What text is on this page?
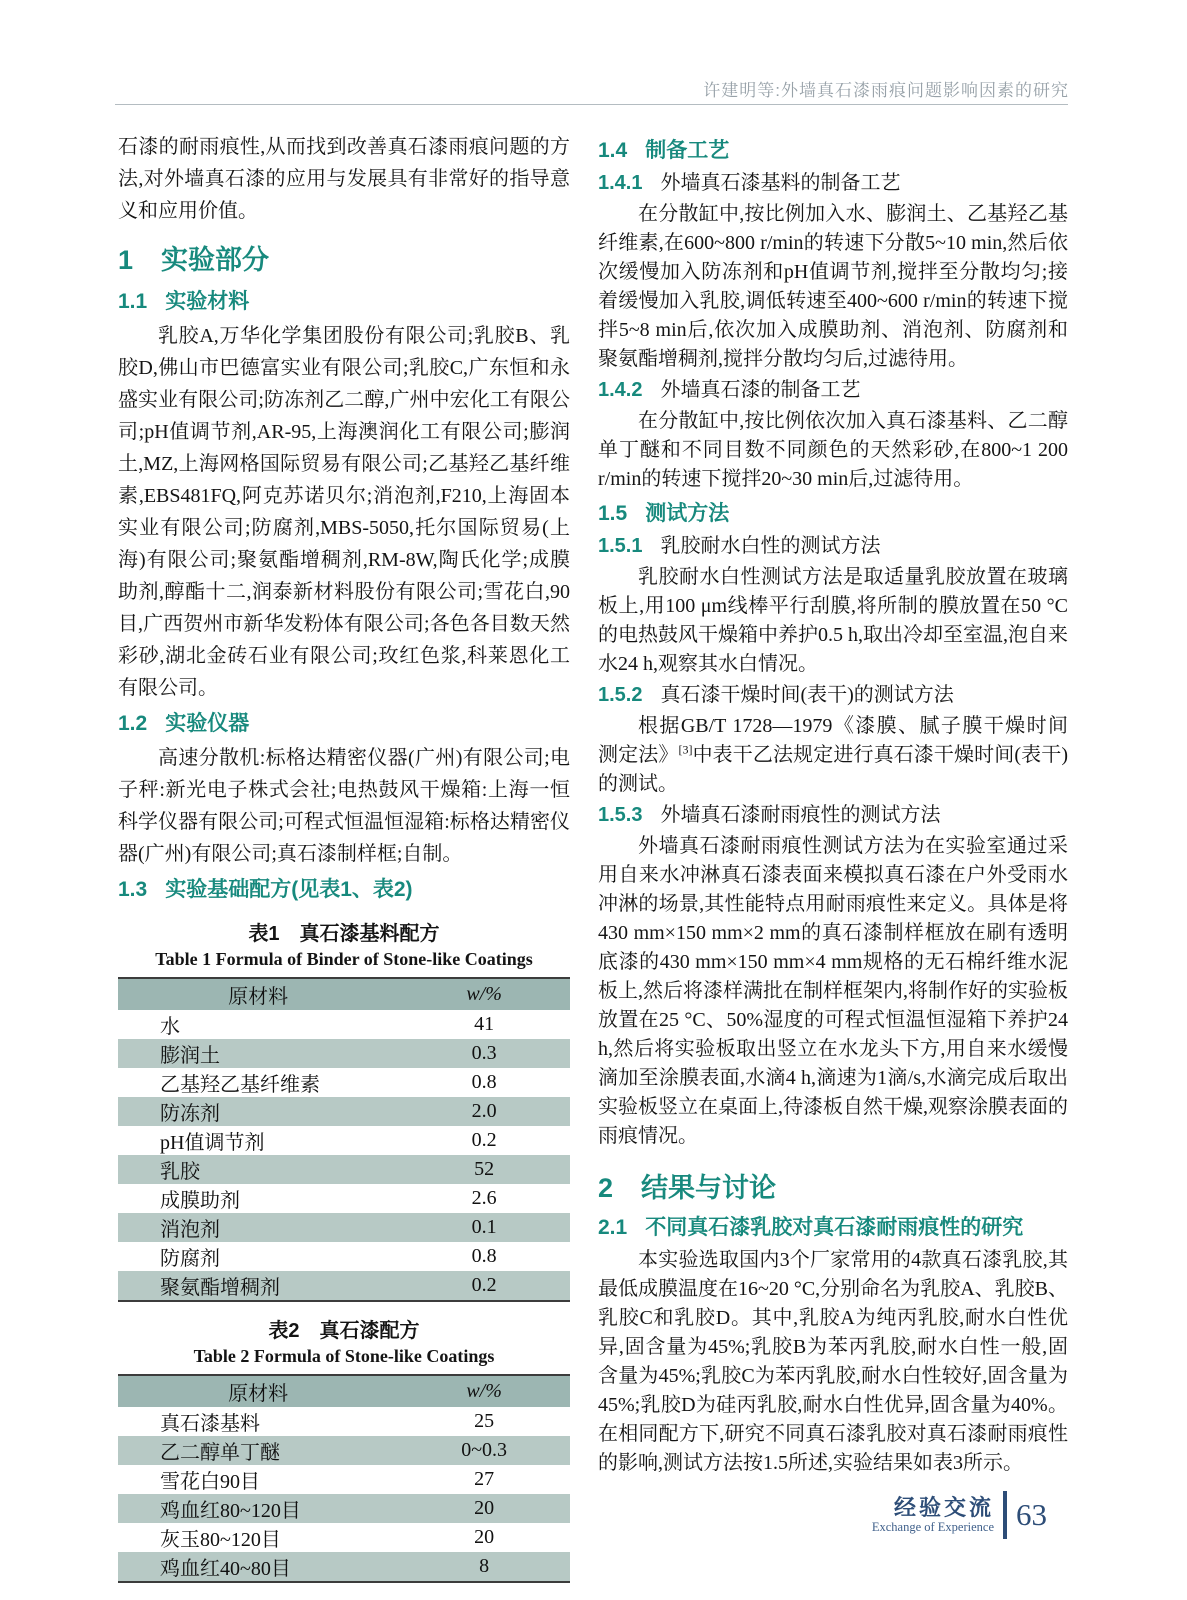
许建明等:外墙真石漆雨痕问题影响因素的研究

石漆的耐雨痕性,从而找到改善真石漆雨痕问题的方法,对外墙真石漆的应用与发展具有非常好的指导意义和应用价值。

1 实验部分
1.1 实验材料

乳胶A,万华化学集团股份有限公司;乳胶B、乳胶D,佛山市巴德富实业有限公司;乳胶C,广东恒和永盛实业有限公司;防冻剂乙二醇,广州中宏化工有限公司;pH值调节剂,AR-95,上海澳润化工有限公司;膨润土,MZ,上海网格国际贸易有限公司;乙基羟乙基纤维素,EBS481FQ,阿克苏诺贝尔;消泡剂,F210,上海固本实业有限公司;防腐剂,MBS-5050,托尔国际贸易(上海)有限公司;聚氨酯增稠剂,RM-8W,陶氏化学;成膜助剂,醇酯十二,润泰新材料股份有限公司;雪花白,90目,广西贺州市新华发粉体有限公司;各色各目数天然彩砂,湖北金砖石业有限公司;玫红色浆,科莱恩化工有限公司。

1.2 实验仪器

高速分散机:标格达精密仪器(广州)有限公司;电子秤:新光电子株式会社;电热鼓风干燥箱:上海一恒科学仪器有限公司;可程式恒温恒湿箱:标格达精密仪器(广州)有限公司;真石漆制样框;自制。

1.3 实验基础配方(见表1、表2)
表1　真石漆基料配方
Table 1 Formula of Binder of Stone-like Coatings
原材料	w/%
水	41
膨润土	0.3
乙基羟乙基纤维素	0.8
防冻剂	2.0
pH值调节剂	0.2
乳胶	52
成膜助剂	2.6
消泡剂	0.1
防腐剂	0.8
聚氨酯增稠剂	0.2
表2　真石漆配方
Table 2 Formula of Stone-like Coatings
原材料	w/%
真石漆基料	25
乙二醇单丁醚	0~0.3
雪花白90目	27
鸡血红80~120目	20
灰玉80~120目	20
鸡血红40~80目	8
1.4 制备工艺
1.4.1 外墙真石漆基料的制备工艺

在分散缸中,按比例加入水、膨润土、乙基羟乙基纤维素,在600~800 r/min的转速下分散5~10 min,然后依次缓慢加入防冻剂和pH值调节剂,搅拌至分散均匀;接着缓慢加入乳胶,调低转速至400~600 r/min的转速下搅拌5~8 min后,依次加入成膜助剂、消泡剂、防腐剂和聚氨酯增稠剂,搅拌分散均匀后,过滤待用。

1.4.2 外墙真石漆的制备工艺

在分散缸中,按比例依次加入真石漆基料、乙二醇单丁醚和不同目数不同颜色的天然彩砂,在800~1 200 r/min的转速下搅拌20~30 min后,过滤待用。

1.5 测试方法
1.5.1 乳胶耐水白性的测试方法

乳胶耐水白性测试方法是取适量乳胶放置在玻璃板上,用100 μm线棒平行刮膜,将所制的膜放置在50 °C的电热鼓风干燥箱中养护0.5 h,取出冷却至室温,泡自来水24 h,观察其水白情况。

1.5.2 真石漆干燥时间(表干)的测试方法

根据GB/T 1728—1979《漆膜、腻子膜干燥时间测定法》[3]中表干乙法规定进行真石漆干燥时间(表干)的测试。

1.5.3 外墙真石漆耐雨痕性的测试方法

外墙真石漆耐雨痕性测试方法为在实验室通过采用自来水冲淋真石漆表面来模拟真石漆在户外受雨水冲淋的场景,其性能特点用耐雨痕性来定义。具体是将430 mm×150 mm×2 mm的真石漆制样框放在刷有透明底漆的430 mm×150 mm×4 mm规格的无石棉纤维水泥板上,然后将漆样满批在制样框架内,将制作好的实验板放置在25 °C、50%湿度的可程式恒温恒湿箱下养护24 h,然后将实验板取出竖立在水龙头下方,用自来水缓慢滴加至涂膜表面,水滴4 h,滴速为1滴/s,水滴完成后取出实验板竖立在桌面上,待漆板自然干燥,观察涂膜表面的雨痕情况。

2 结果与讨论
2.1 不同真石漆乳胶对真石漆耐雨痕性的研究

本实验选取国内3个厂家常用的4款真石漆乳胶,其最低成膜温度在16~20 °C,分别命名为乳胶A、乳胶B、乳胶C和乳胶D。其中,乳胶A为纯丙乳胶,耐水白性优异,固含量为45%;乳胶B为苯丙乳胶,耐水白性一般,固含量为45%;乳胶C为苯丙乳胶,耐水白性较好,固含量为45%;乳胶D为硅丙乳胶,耐水白性优异,固含量为40%。在相同配方下,研究不同真石漆乳胶对真石漆耐雨痕性的影响,测试方法按1.5所述,实验结果如表3所示。

经验交流
Exchange of Experience 63
